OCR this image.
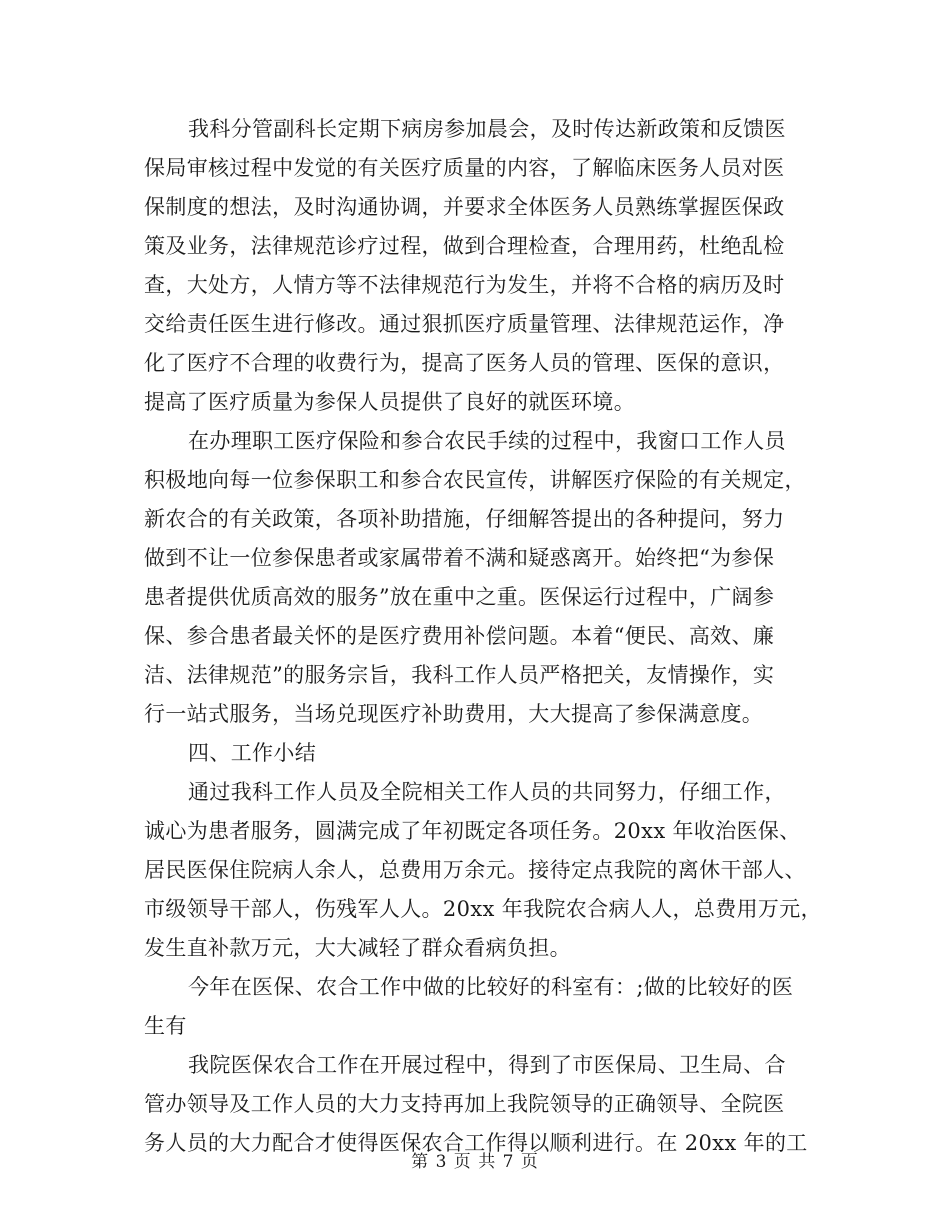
我科分管副科长定期下病房参加晨会，及时传达新政策和反馈医
保局审核过程中发觉的有关医疗质量的内容，了解临床医务人员对医
保制度的想法，及时沟通协调，并要求全体医务人员熟练掌握医保政
策及业务，法律规范诊疗过程，做到合理检查，合理用药，杜绝乱检
查，大处方，人情方等不法律规范行为发生，并将不合格的病历及时
交给责任医生进行修改。通过狠抓医疗质量管理、法律规范运作，净
化了医疗不合理的收费行为，提高了医务人员的管理、医保的意识，
提高了医疗质量为参保人员提供了良好的就医环境。
在办理职工医疗保险和参合农民手续的过程中，我窗口工作人员
积极地向每一位参保职工和参合农民宣传，讲解医疗保险的有关规定，
新农合的有关政策，各项补助措施，仔细解答提出的各种提问，努力
做到不让一位参保患者或家属带着不满和疑惑离开。始终把“为参保
患者提供优质高效的服务”放在重中之重。医保运行过程中，广阔参
保、参合患者最关怀的是医疗费用补偿问题。本着“便民、高效、廉
洁、法律规范”的服务宗旨，我科工作人员严格把关，友情操作，实
行一站式服务，当场兑现医疗补助费用，大大提高了参保满意度。
四、工作小结
通过我科工作人员及全院相关工作人员的共同努力，仔细工作，
诚心为患者服务，圆满完成了年初既定各项任务。20xx 年收治医保、
居民医保住院病人余人，总费用万余元。接待定点我院的离休干部人、
市级领导干部人，伤残军人人。20xx 年我院农合病人人，总费用万元，
发生直补款万元，大大减轻了群众看病负担。
今年在医保、农合工作中做的比较好的科室有：;做的比较好的医
生有
我院医保农合工作在开展过程中，得到了市医保局、卫生局、合
管办领导及工作人员的大力支持再加上我院领导的正确领导、全院医
务人员的大力配合才使得医保农合工作得以顺利进行。在 20xx 年的工
第 3 页 共 7 页
